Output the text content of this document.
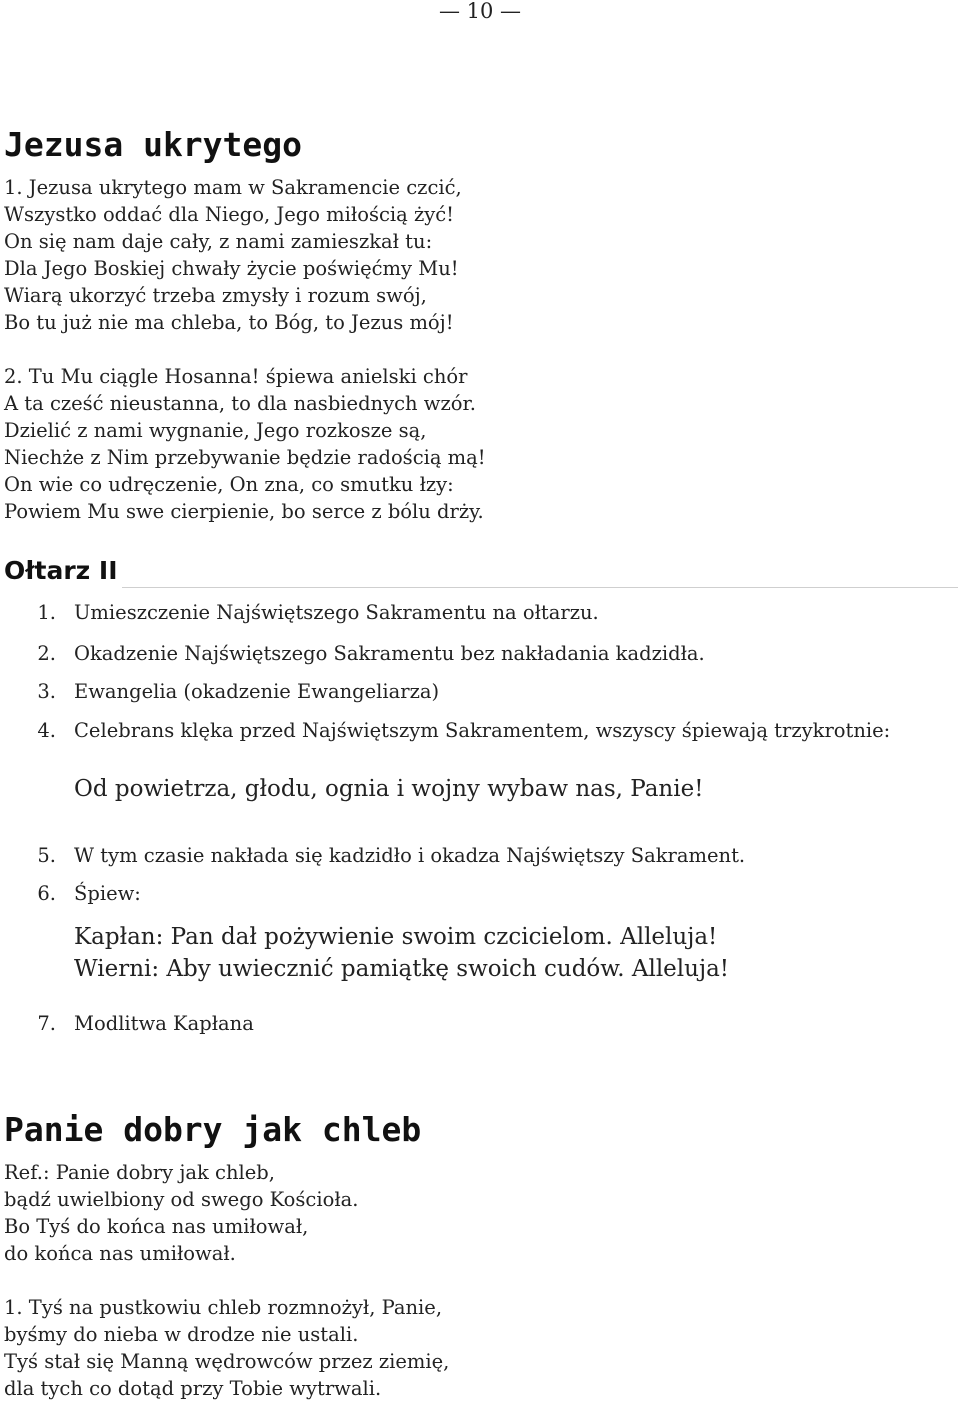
— 10 —
Jezusa ukrytego

1. Jezusa ukrytego mam w Sakramencie czcić,

Wszystko oddać dla Niego, Jego miłością żyć!

On się nam daje cały, z nami zamieszkał tu:

Dla Jego Boskiej chwały życie poświęćmy Mu!

Wiarą ukorzyć trzeba zmysły i rozum swój,

Bo tu już nie ma chleba, to Bóg, to Jezus mój!

2. Tu Mu ciągle Hosanna! śpiewa anielski chór

A ta cześć nieustanna, to dla nasbiednych wzór.

Dzielić z nami wygnanie, Jego rozkosze są,

Niechże z Nim przebywanie będzie radością mą!

On wie co udręczenie, On zna, co smutku łzy:

Powiem Mu swe cierpienie, bo serce z bólu drży.

Ołtarz II
1. Umieszczenie Najświętszego Sakramentu na ołtarzu.
2. Okadzenie Najświętszego Sakramentu bez nakładania kadzidła.
3. Ewangelia (okadzenie Ewangeliarza)
4. Celebrans klęka przed Najświętszym Sakramentem, wszyscy śpiewają trzykrotnie:
Od powietrza, głodu, ognia i wojny wybaw nas, Panie!
5. W tym czasie nakłada się kadzidło i okadza Najświętszy Sakrament.
6. Śpiew:
Kapłan: Pan dał pożywienie swoim czcicielom. Alleluja!
Wierni: Aby uwiecznić pamiątkę swoich cudów. Alleluja!
7. Modlitwa Kapłana
Panie dobry jak chleb

Ref.: Panie dobry jak chleb,

bądź uwielbiony od swego Kościoła.

Bo Tyś do końca nas umiłował,

do końca nas umiłował.

1. Tyś na pustkowiu chleb rozmnożył, Panie,

byśmy do nieba w drodze nie ustali.

Tyś stał się Manną wędrowców przez ziemię,

dla tych co dotąd przy Tobie wytrwali.
